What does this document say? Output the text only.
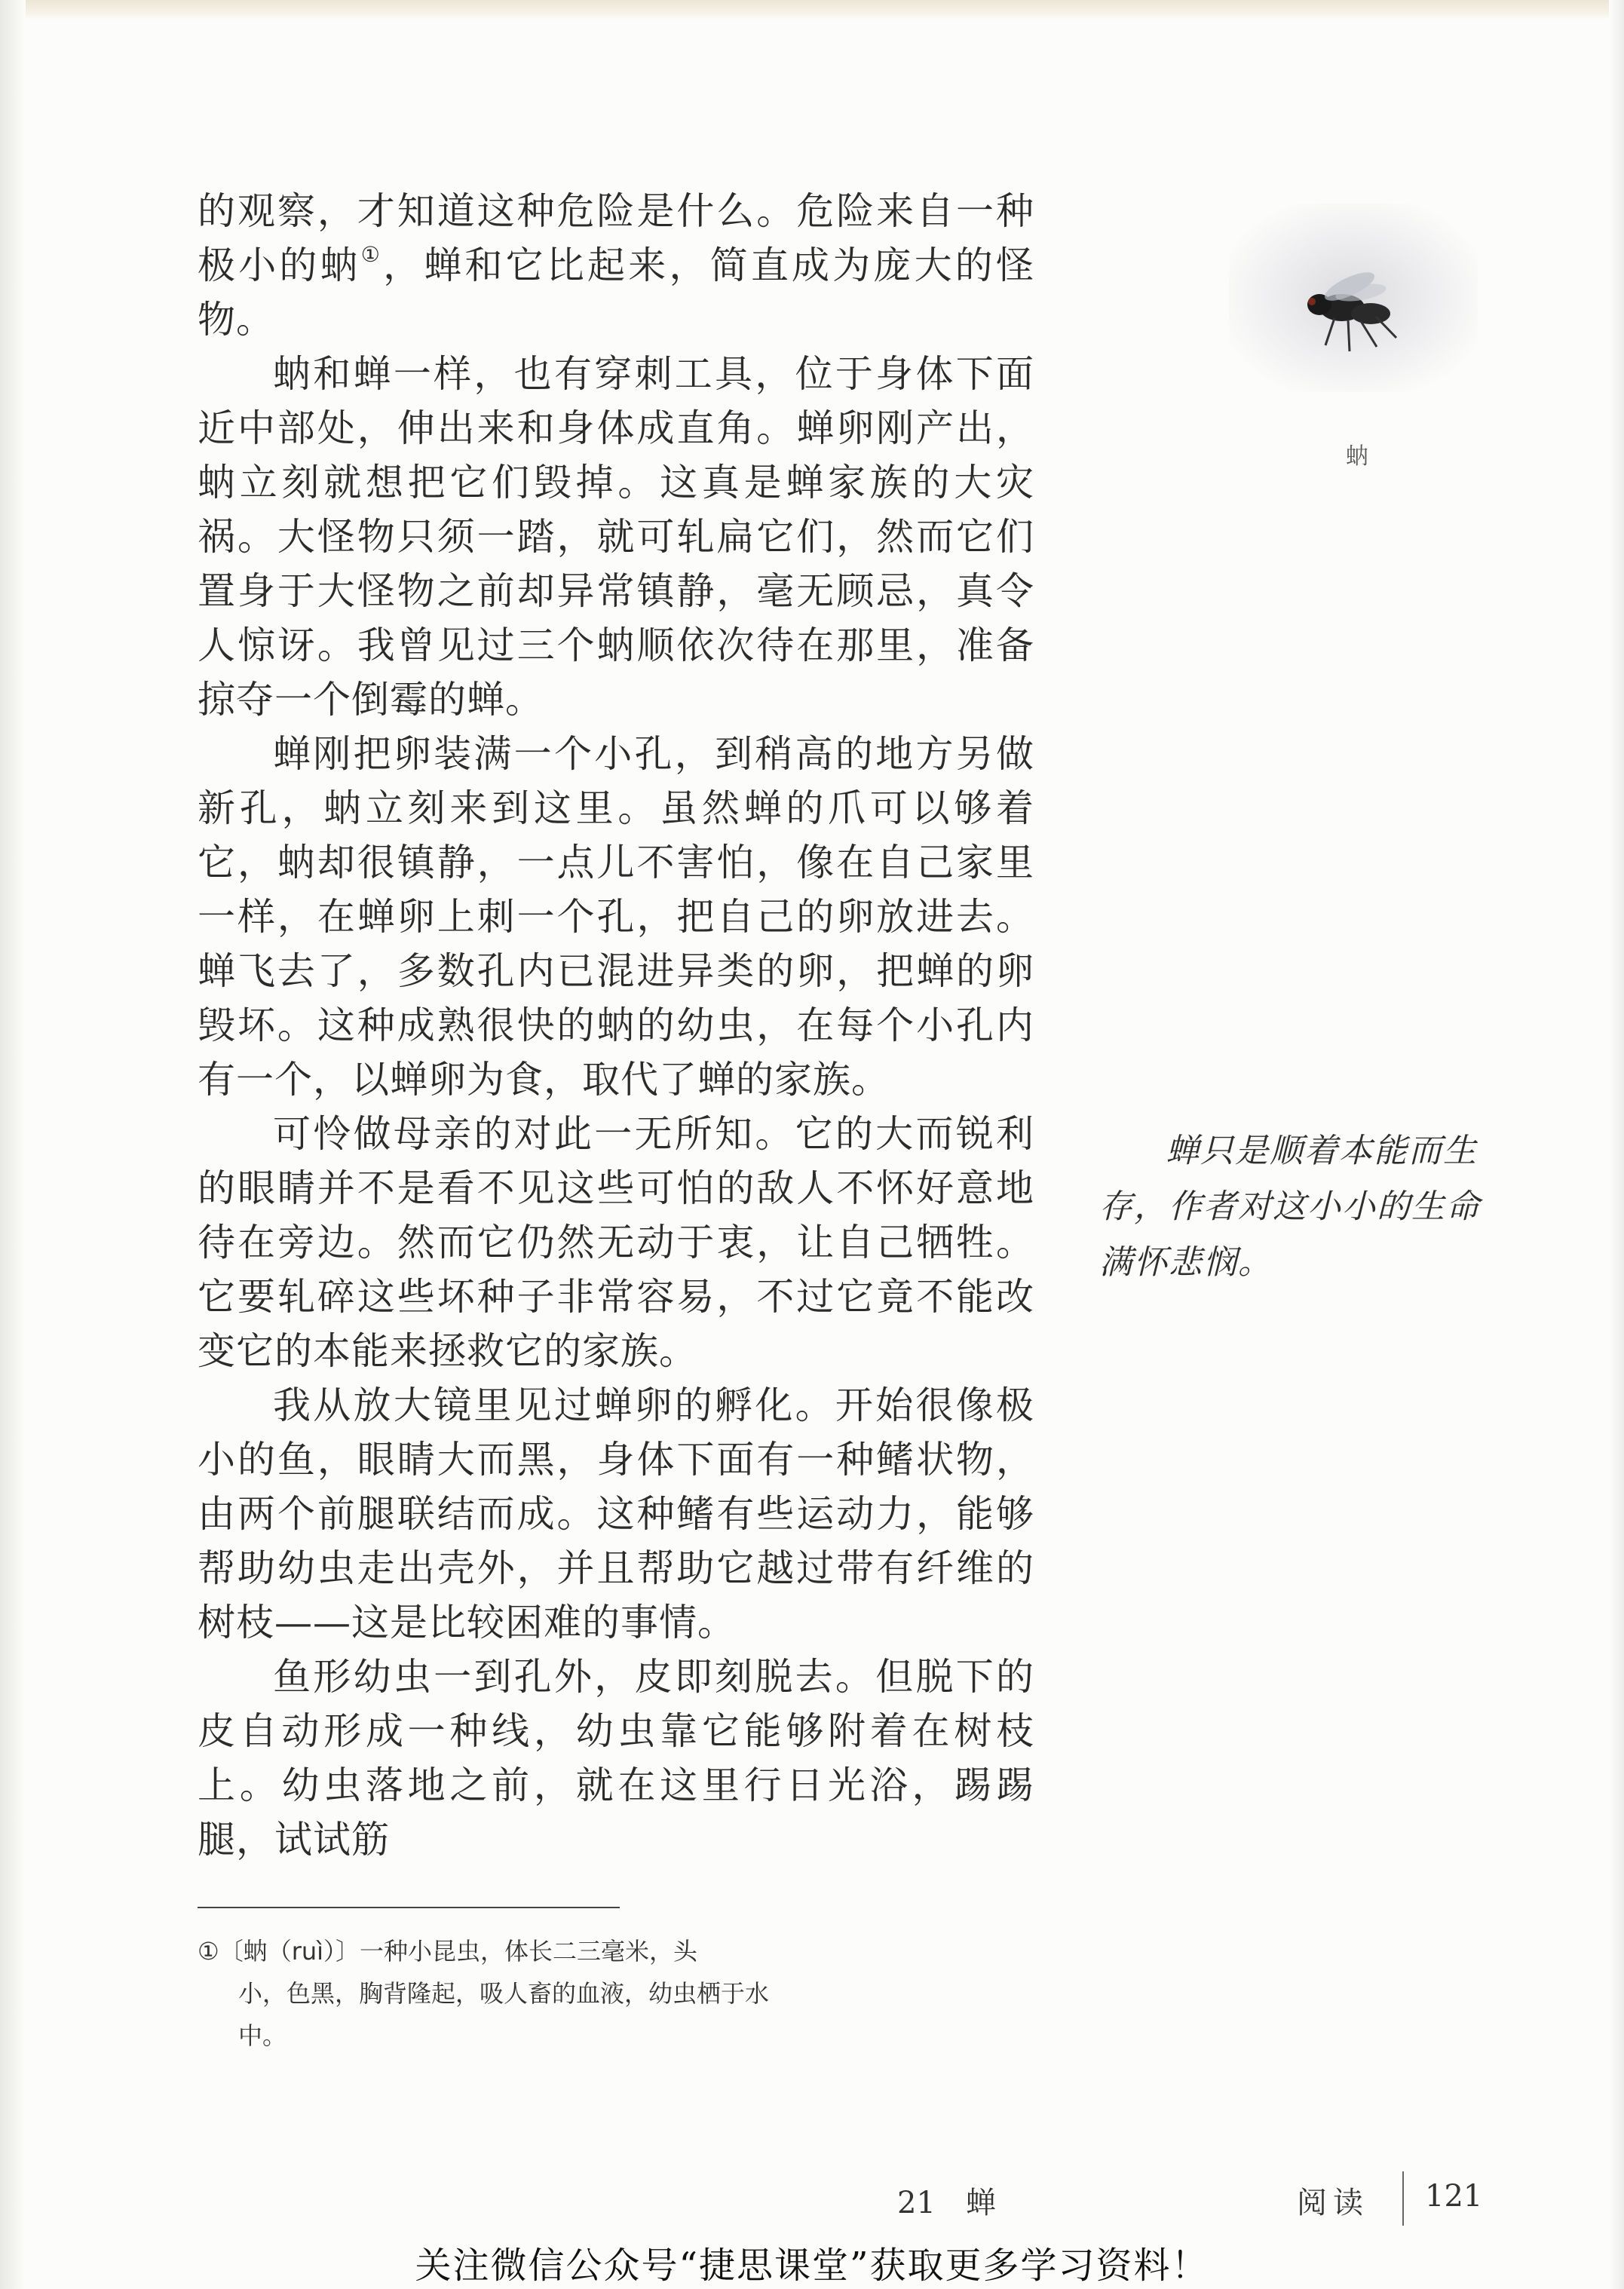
的观察，才知道这种危险是什么。危险来自一种极小的蚋①，蝉和它比起来，简直成为庞大的怪物。

蚋和蝉一样，也有穿刺工具，位于身体下面近中部处，伸出来和身体成直角。蝉卵刚产出，蚋立刻就想把它们毁掉。这真是蝉家族的大灾祸。大怪物只须一踏，就可轧扁它们，然而它们置身于大怪物之前却异常镇静，毫无顾忌，真令人惊讶。我曾见过三个蚋顺依次待在那里，准备掠夺一个倒霉的蝉。

蝉刚把卵装满一个小孔，到稍高的地方另做新孔，蚋立刻来到这里。虽然蝉的爪可以够着它，蚋却很镇静，一点儿不害怕，像在自己家里一样，在蝉卵上刺一个孔，把自己的卵放进去。蝉飞去了，多数孔内已混进异类的卵，把蝉的卵毁坏。这种成熟很快的蚋的幼虫，在每个小孔内有一个，以蝉卵为食，取代了蝉的家族。

可怜做母亲的对此一无所知。它的大而锐利的眼睛并不是看不见这些可怕的敌人不怀好意地待在旁边。然而它仍然无动于衷，让自己牺牲。它要轧碎这些坏种子非常容易，不过它竟不能改变它的本能来拯救它的家族。

我从放大镜里见过蝉卵的孵化。开始很像极小的鱼，眼睛大而黑，身体下面有一种鳍状物，由两个前腿联结而成。这种鳍有些运动力，能够帮助幼虫走出壳外，并且帮助它越过带有纤维的树枝——这是比较困难的事情。

鱼形幼虫一到孔外，皮即刻脱去。但脱下的皮自动形成一种线，幼虫靠它能够附着在树枝上。幼虫落地之前，就在这里行日光浴，踢踢腿，试试筋

蚋

蝉只是顺着本能而生存，作者对这小小的生命满怀悲悯。

①〔蚋（ruì）〕一种小昆虫，体长二三毫米，头
小，色黑，胸背隆起，吸人畜的血液，幼虫栖于水中。
21　蝉	阅读 121
关注微信公众号“捷思课堂”获取更多学习资料！
